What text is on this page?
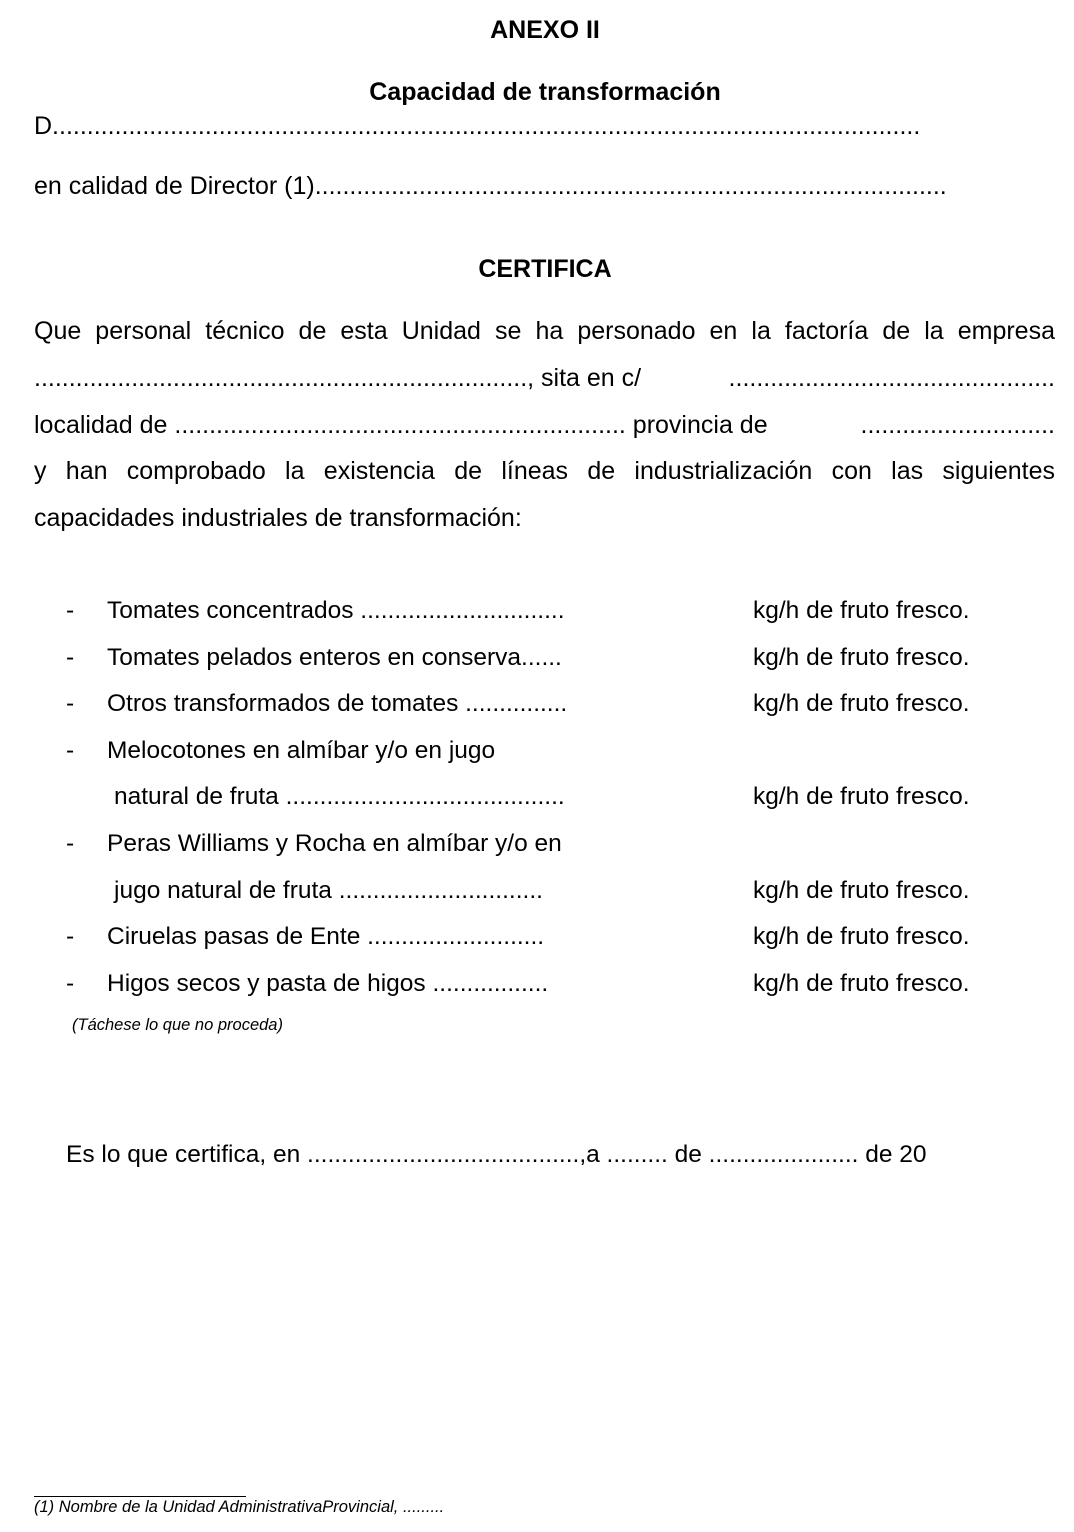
ANEXO II
Capacidad de transformación
D.............................................................................................................................
en calidad de Director (1)...........................................................................................
CERTIFICA
Que personal técnico de esta Unidad se ha personado en la factoría de la empresa
......................................................................., sita en c/	...............................................
localidad de ................................................................. provincia de	............................
y han comprobado la existencia de líneas de industrialización con las siguientes
capacidades industriales de transformación:
- Tomates concentrados ..............................	kg/h de fruto fresco.
- Tomates pelados enteros en conserva......	kg/h de fruto fresco.
- Otros transformados de tomates ...............	kg/h de fruto fresco.
- Melocotones en almíbar y/o en jugo
natural de fruta .........................................	kg/h de fruto fresco.
- Peras Williams y Rocha en almíbar y/o en
jugo natural de fruta ..............................	kg/h de fruto fresco.
- Ciruelas pasas de Ente ..........................	kg/h de fruto fresco.
- Higos secos y pasta de higos .................	kg/h de fruto fresco.
(Táchese lo que no proceda)
Es lo que certifica, en ........................................,a ......... de ...................... de 20
(1) Nombre de la Unidad AdministrativaProvincial, .........
